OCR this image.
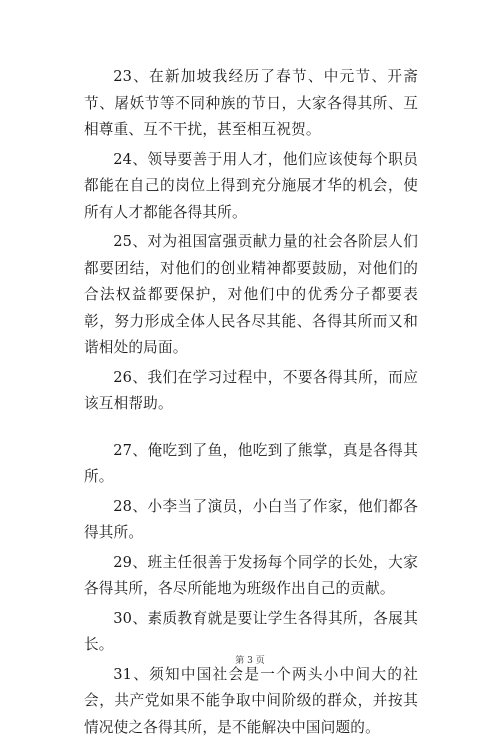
23、在新加坡我经历了春节、中元节、开斋节、屠妖节等不同种族的节日，大家各得其所、互相尊重、互不干扰，甚至相互祝贺。

24、领导要善于用人才，他们应该使每个职员都能在自己的岗位上得到充分施展才华的机会，使所有人才都能各得其所。

25、对为祖国富强贡献力量的社会各阶层人们都要团结，对他们的创业精神都要鼓励，对他们的合法权益都要保护，对他们中的优秀分子都要表彰，努力形成全体人民各尽其能、各得其所而又和谐相处的局面。

26、我们在学习过程中，不要各得其所，而应该互相帮助。

27、俺吃到了鱼，他吃到了熊掌，真是各得其所。

28、小李当了演员，小白当了作家，他们都各得其所。

29、班主任很善于发扬每个同学的长处，大家各得其所，各尽所能地为班级作出自己的贡献。

30、素质教育就是要让学生各得其所，各展其长。

31、须知中国社会是一个两头小中间大的社会，共产党如果不能争取中间阶级的群众，并按其情况使之各得其所，是不能解决中国问题的。

第 3 页
